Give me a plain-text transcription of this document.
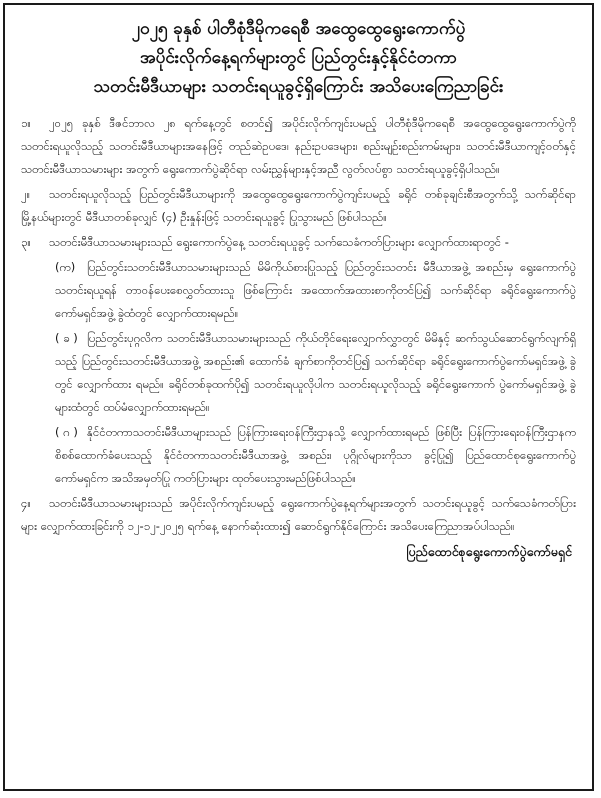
၂၀၂၅ ခုနှစ် ပါတီစုံဒီမိုကရေစီ အထွေထွေရွေးကောက်ပွဲ
အပိုင်းလိုက်နေ့ရက်များတွင် ပြည်တွင်းနှင့်နိုင်ငံတကာ
သတင်းမီဒီယာများ သတင်းရယူခွင့်ရှိကြောင်း အသိပေးကြေညာခြင်း

၁။ ၂၀၂၅ ခုနှစ် ဒီဇင်ဘာလ ၂၈ ရက်နေ့တွင် စတင်၍ အပိုင်းလိုက်ကျင်းပမည့် ပါတီစုံဒီမိုကရေစီ အထွေထွေရွေးကောက်ပွဲကို သတင်းရယူလိုသည့် သတင်းမီဒီယာများအနေဖြင့် တည်ဆဲဥပဒေ၊ နည်းဥပဒေများ၊ စည်းမျဉ်းစည်းကမ်းများ၊ သတင်းမီဒီယာကျင့်ဝတ်နှင့် သတင်းမီဒီယာသမားများ အတွက် ရွေးကောက်ပွဲဆိုင်ရာ လမ်းညွှန်များနှင့်အညီ လွတ်လပ်စွာ သတင်းရယူခွင့်ရှိပါသည်။

၂။ သတင်းရယူလိုသည့် ပြည်တွင်းမီဒီယာများကို အထွေထွေရွေးကောက်ပွဲကျင်းပမည့် ခရိုင် တစ်ခုချင်းစီအတွက်သို့ သက်ဆိုင်ရာမြို့နယ်များတွင် မီဒီယာတစ်ခုလျှင် (၄) ဦးနှုန်းဖြင့် သတင်းရယူခွင့် ပြုသွားမည် ဖြစ်ပါသည်။

၃။ သတင်းမီဒီယာသမားများသည် ရွေးကောက်ပွဲနေ့ သတင်းရယူခွင့် သက်သေခံကတ်ပြားများ လျှောက်ထားရာတွင် -

(က) ပြည်တွင်းသတင်းမီဒီယာသမားများသည် မိမိကိုယ်စားပြုသည့် ပြည်တွင်းသတင်း မီဒီယာအဖွဲ့ အစည်းမှ ရွေးကောက်ပွဲသတင်းရယူရန် တာဝန်ပေးစေလွှတ်ထားသူ ဖြစ်ကြောင်း အထောက်အထားစာကိုတင်ပြ၍ သက်ဆိုင်ရာ ခရိုင်ရွေးကောက်ပွဲကော်မရှင်အဖွဲ့ ခွဲထံတွင် လျှောက်ထားရမည်။

( ခ ) ပြည်တွင်းပုဂ္ဂလိက သတင်းမီဒီယာသမားများသည် ကိုယ်တိုင်ရေးလျှောက်လွှာတွင် မိမိနှင့် ဆက်သွယ်ဆောင်ရွက်လျက်ရှိသည့် ပြည်တွင်းသတင်းမီဒီယာအဖွဲ့ အစည်း၏ ထောက်ခံ ချက်စာကိုတင်ပြ၍ သက်ဆိုင်ရာ ခရိုင်ရွေးကောက်ပွဲကော်မရှင်အဖွဲ့ ခွဲတွင် လျှောက်ထား ရမည်။ ခရိုင်တစ်ခုထက်ပို၍ သတင်းရယူလိုပါက သတင်းရယူလိုသည့် ခရိုင်ရွေးကောက် ပွဲကော်မရှင်အဖွဲ့ ခွဲများထံတွင် ထပ်မံလျှောက်ထားရမည်။

( ဂ ) နိုင်ငံတကာသတင်းမီဒီယာများသည် ပြန်ကြားရေးဝန်ကြီးဌာနသို့ လျှောက်ထားရမည် ဖြစ်ပြီး ပြန်ကြားရေးဝန်ကြီးဌာနက စိစစ်ထောက်ခံပေးသည့် နိုင်ငံတကာသတင်းမီဒီယာအဖွဲ့ အစည်း၊ ပုဂ္ဂိုလ်များကိုသာ ခွင့်ပြု၍ ပြည်ထောင်စုရွေးကောက်ပွဲကော်မရှင်က အသိအမှတ်ပြု ကတ်ပြားများ ထုတ်ပေးသွားမည်ဖြစ်ပါသည်။

၄။ သတင်းမီဒီယာသမားများသည် အပိုင်းလိုက်ကျင်းပမည့် ရွေးကောက်ပွဲနေ့ရက်များအတွက် သတင်းရယူခွင့် သက်သေခံကတ်ပြားများ လျှောက်ထားခြင်းကို ၁၂-၁၂-၂၀၂၅ ရက်နေ့ နောက်ဆုံးထား၍ ဆောင်ရွက်နိုင်ကြောင်း အသိပေးကြေညာအပ်ပါသည်။

ပြည်ထောင်စုရွေးကောက်ပွဲကော်မရှင်
